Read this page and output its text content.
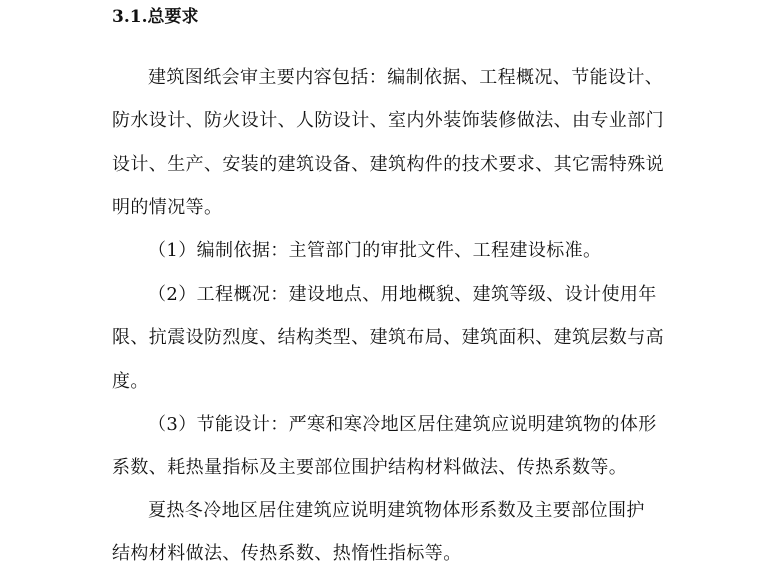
3.1.总要求
建筑图纸会审主要内容包括：编制依据、工程概况、节能设计、
防水设计、防火设计、人防设计、室内外装饰装修做法、由专业部门
设计、生产、安装的建筑设备、建筑构件的技术要求、其它需特殊说
明的情况等。
（1）编制依据：主管部门的审批文件、工程建设标准。
（2）工程概况：建设地点、用地概貌、建筑等级、设计使用年
限、抗震设防烈度、结构类型、建筑布局、建筑面积、建筑层数与高
度。
（3）节能设计：严寒和寒冷地区居住建筑应说明建筑物的体形
系数、耗热量指标及主要部位围护结构材料做法、传热系数等。
夏热冬冷地区居住建筑应说明建筑物体形系数及主要部位围护
结构材料做法、传热系数、热惰性指标等。
